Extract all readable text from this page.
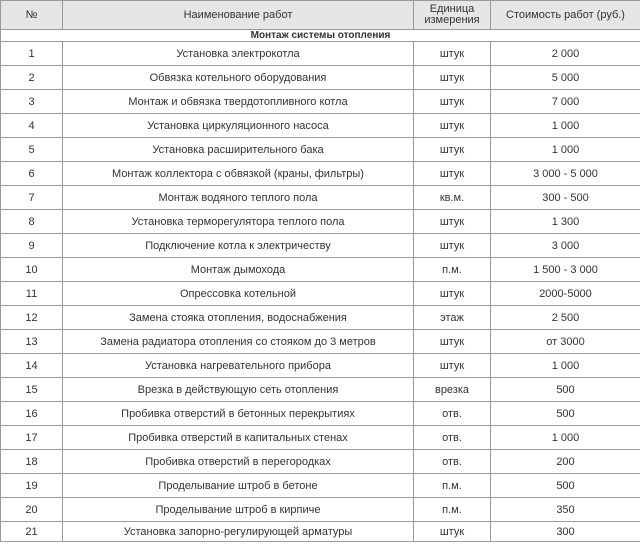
№	Наименование работ	Единица измерения	Стоимость работ (руб.)
Монтаж системы отопления			
1	Установка электрокотла	штук	2 000
2	Обвязка котельного оборудования	штук	5 000
3	Монтаж и обвязка твердотопливного котла	штук	7 000
4	Установка циркуляционного насоса	штук	1 000
5	Установка расширительного бака	штук	1 000
6	Монтаж коллектора с обвязкой (краны, фильтры)	штук	3 000 - 5 000
7	Монтаж водяного теплого пола	кв.м.	300 - 500
8	Установка терморегулятора теплого пола	штук	1 300
9	Подключение котла к электричеству	штук	3 000
10	Монтаж дымохода	п.м.	1 500 - 3 000
11	Опрессовка котельной	штук	2000-5000
12	Замена стояка отопления, водоснабжения	этаж	2 500
13	Замена радиатора отопления со стояком до 3 метров	штук	от 3000
14	Установка нагревательного прибора	штук	1 000
15	Врезка в действующую сеть отопления	врезка	500
16	Пробивка отверстий в бетонных перекрытиях	отв.	500
17	Пробивка отверстий в капитальных стенах	отв.	1 000
18	Пробивка отверстий в перегородках	отв.	200
19	Проделывание штроб в бетоне	п.м.	500
20	Проделывание штроб в кирпиче	п.м.	350
21	Установка запорно-регулирующей арматуры	штук	300
